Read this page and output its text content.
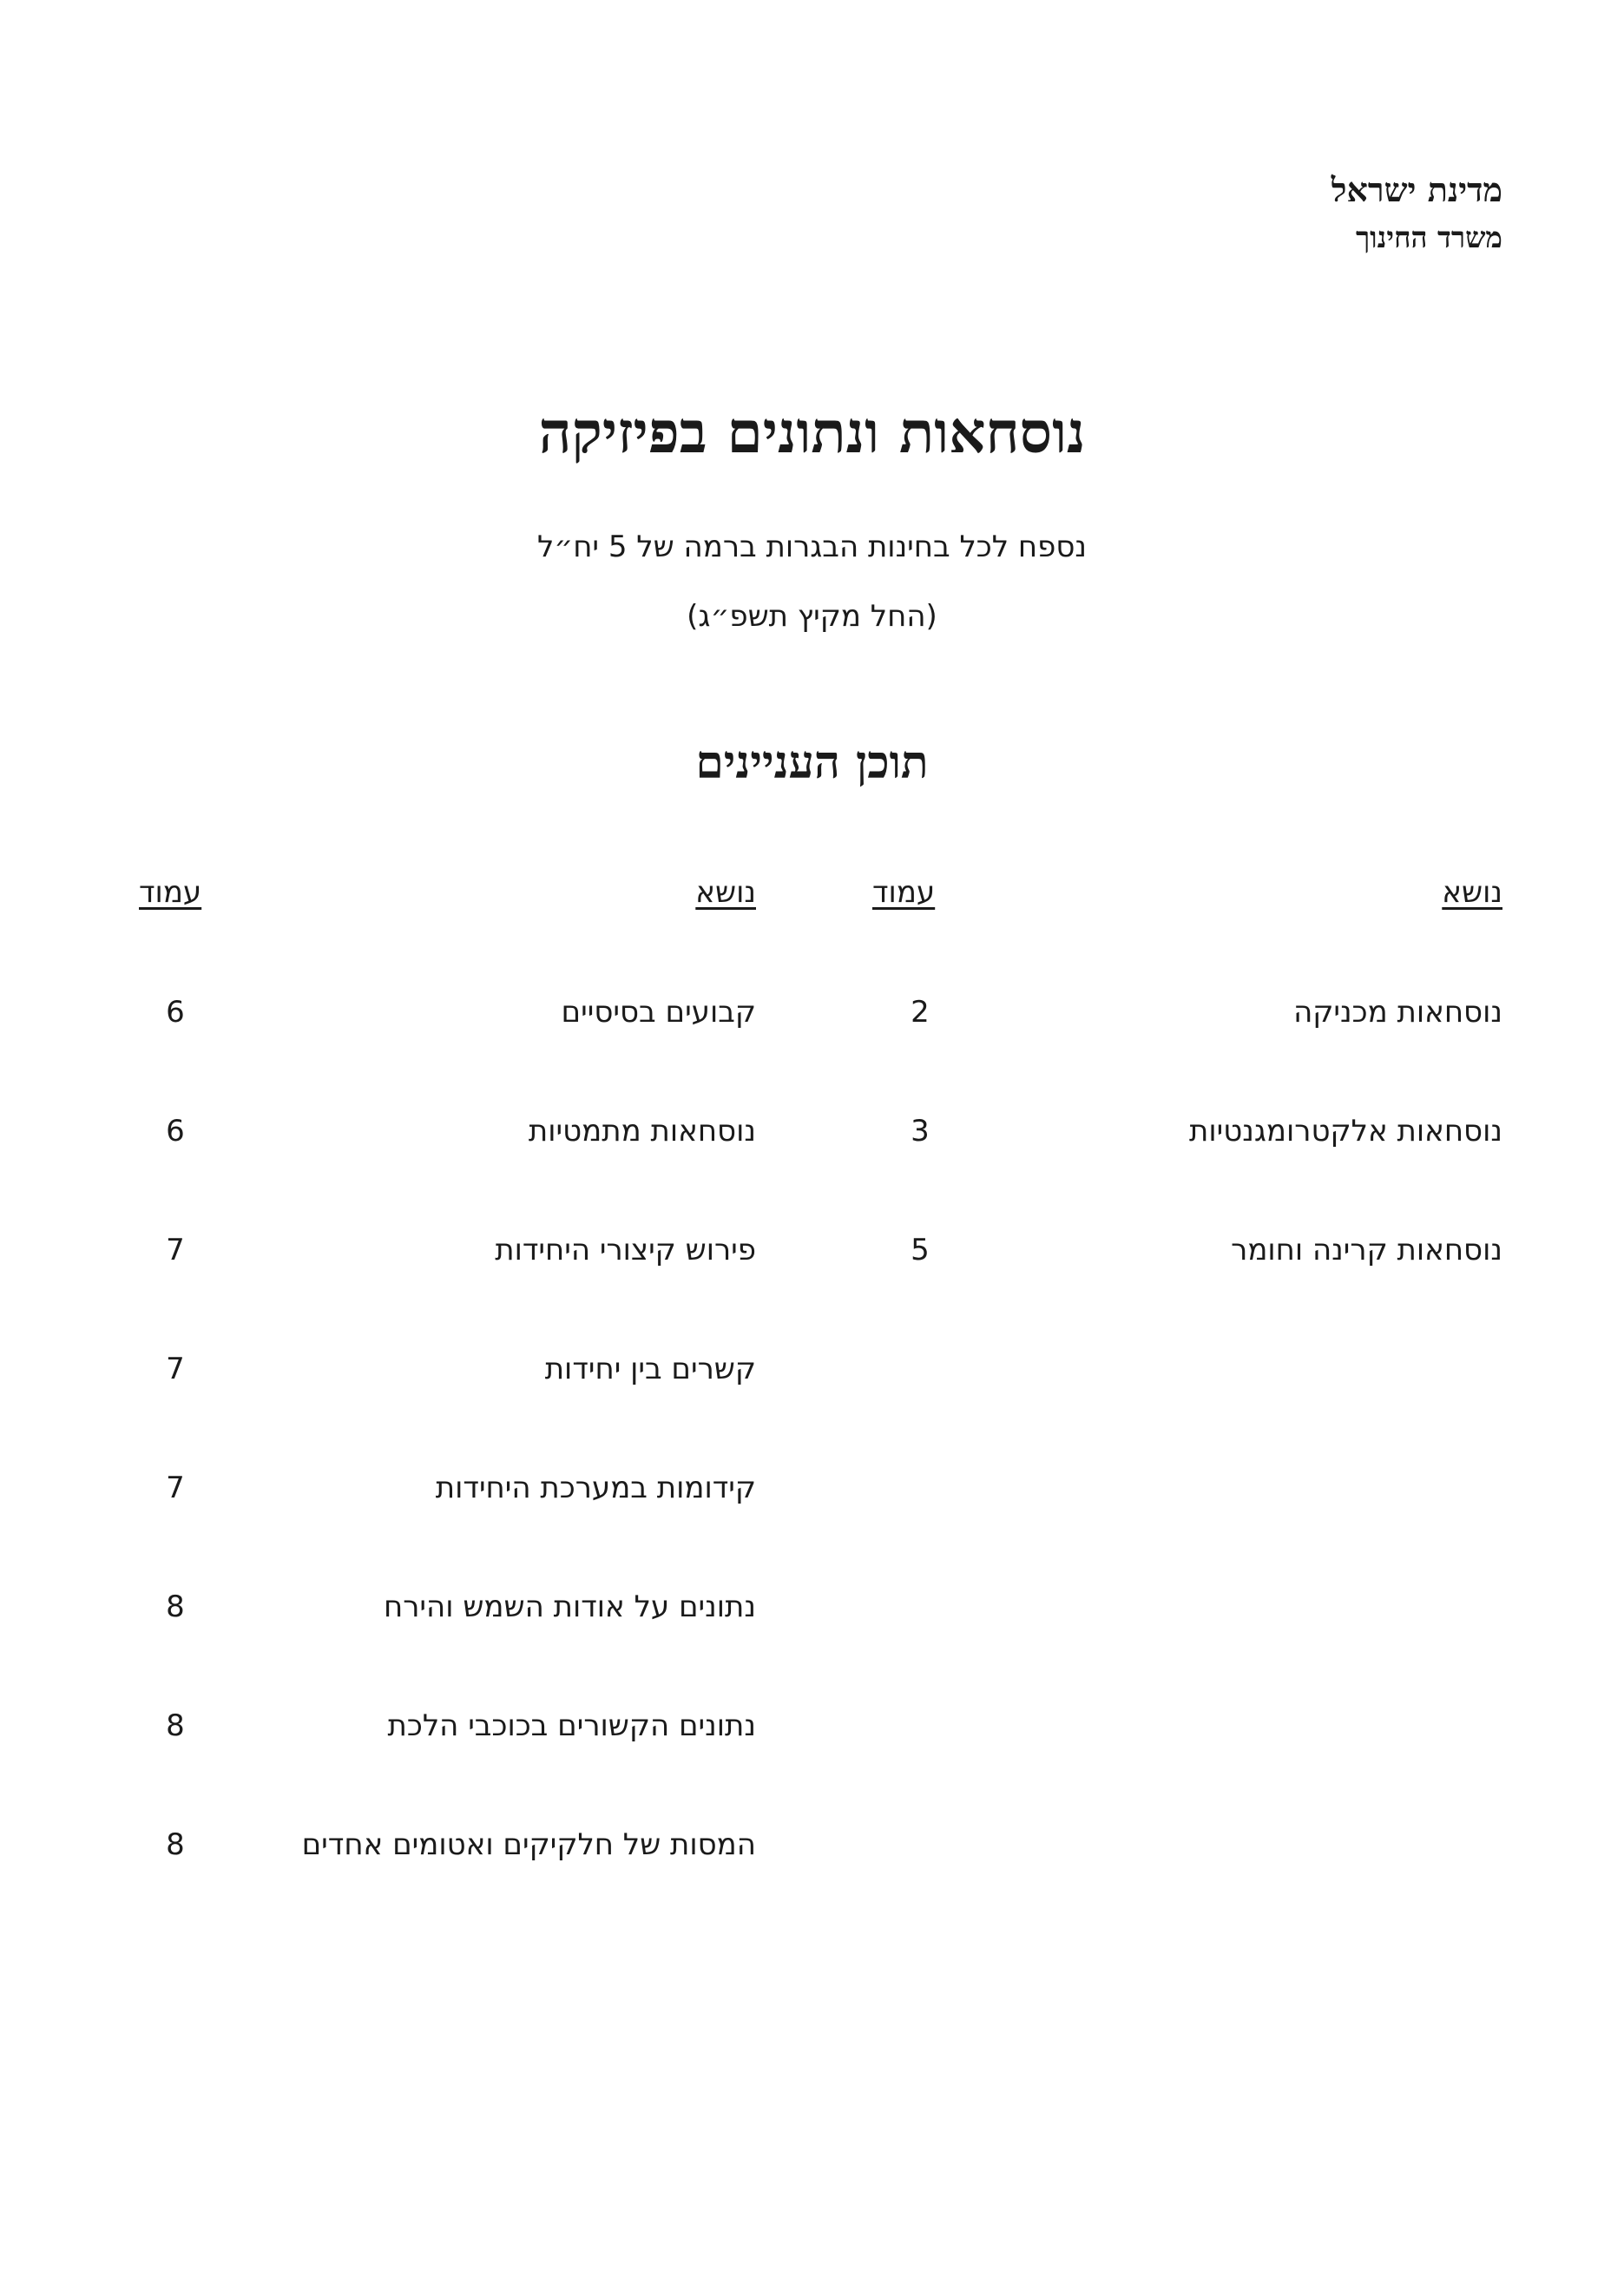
מדינת ישראל
משרד החינוך
נוסחאות ונתונים בפיזיקה
נספח לכל בחינות הבגרות ברמה של 5 יח״ל
(החל מקיץ תשפ״ג)
תוכן העניינים
נושא
עמוד
נושא
עמוד
נוסחאות מכניקה
2
נוסחאות אלקטרומגנטיות
3
נוסחאות קרינה וחומר
5
קבועים בסיסיים
6
נוסחאות מתמטיות
6
פירוש קיצורי היחידות
7
קשרים בין יחידות
7
קידומות במערכת היחידות
7
נתונים על אודות השמש והירח
8
נתונים הקשורים בכוכבי הלכת
8
המסות של חלקיקים ואטומים אחדים
8
